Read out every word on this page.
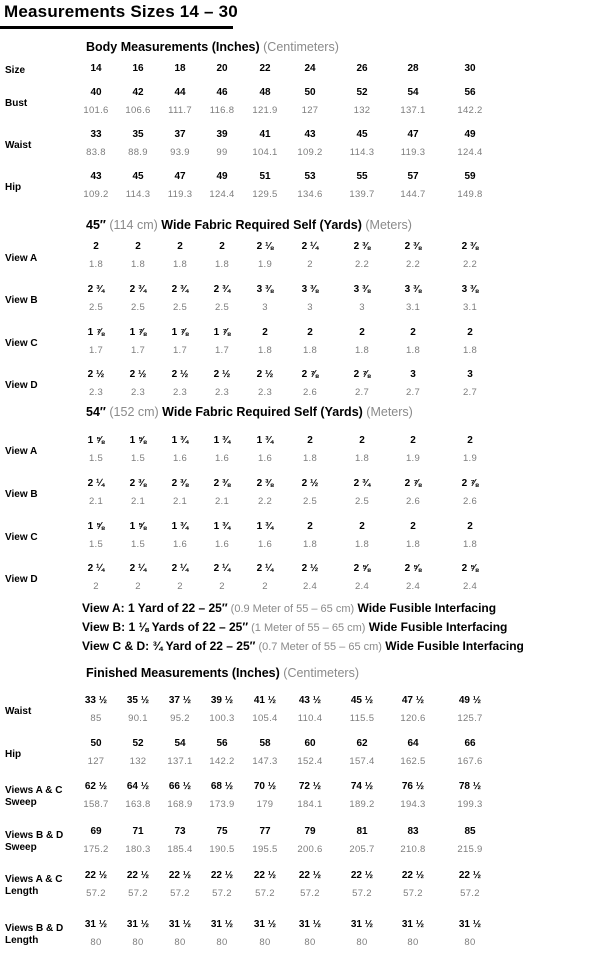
Measurements Sizes 14 – 30
Body Measurements (Inches) (Centimeters)
Size	14	16	18	20	22	24	26	28	30
Bust
40	42	44	46	48	50	52	54	56
101.6	106.6	111.7	116.8	121.9	127	132	137.1	142.2
Waist
33	35	37	39	41	43	45	47	49
83.8	88.9	93.9	99	104.1	109.2	114.3	119.3	124.4
Hip
43	45	47	49	51	53	55	57	59
109.2	114.3	119.3	124.4	129.5	134.6	139.7	144.7	149.8
45″ (114 cm) Wide Fabric Required Self (Yards) (Meters)
View A
2	2	2	2	2 ⅛	2 ¼	2 ⅜	2 ⅜	2 ⅜
1.8	1.8	1.8	1.8	1.9	2	2.2	2.2	2.2
View B
2 ¾	2 ¾	2 ¾	2 ¾	3 ⅜	3 ⅜	3 ⅜	3 ⅜	3 ⅜
2.5	2.5	2.5	2.5	3	3	3	3.1	3.1
View C
1 ⅞	1 ⅞	1 ⅞	1 ⅞	2	2	2	2	2
1.7	1.7	1.7	1.7	1.8	1.8	1.8	1.8	1.8
View D
2 ½	2 ½	2 ½	2 ½	2 ½	2 ⅞	2 ⅞	3	3
2.3	2.3	2.3	2.3	2.3	2.6	2.7	2.7	2.7
54″ (152 cm) Wide Fabric Required Self (Yards) (Meters)
View A
1 ⅝	1 ⅝	1 ¾	1 ¾	1 ¾	2	2	2	2
1.5	1.5	1.6	1.6	1.6	1.8	1.8	1.9	1.9
View B
2 ¼	2 ⅜	2 ⅜	2 ⅜	2 ⅜	2 ½	2 ¾	2 ⅞	2 ⅞
2.1	2.1	2.1	2.1	2.2	2.5	2.5	2.6	2.6
View C
1 ⅝	1 ⅝	1 ¾	1 ¾	1 ¾	2	2	2	2
1.5	1.5	1.6	1.6	1.6	1.8	1.8	1.8	1.8
View D
2 ¼	2 ¼	2 ¼	2 ¼	2 ¼	2 ½	2 ⅝	2 ⅝	2 ⅝
2	2	2	2	2	2.4	2.4	2.4	2.4
Finished Measurements (Inches) (Centimeters)
Waist
33 ½	35 ½	37 ½	39 ½	41 ½	43 ½	45 ½	47 ½	49 ½
85	90.1	95.2	100.3	105.4	110.4	115.5	120.6	125.7
Hip
50	52	54	56	58	60	62	64	66
127	132	137.1	142.2	147.3	152.4	157.4	162.5	167.6
Views A & C
Sweep
62 ½	64 ½	66 ½	68 ½	70 ½	72 ½	74 ½	76 ½	78 ½
158.7	163.8	168.9	173.9	179	184.1	189.2	194.3	199.3
Views B & D
Sweep
69	71	73	75	77	79	81	83	85
175.2	180.3	185.4	190.5	195.5	200.6	205.7	210.8	215.9
Views A & C
Length
22 ½	22 ½	22 ½	22 ½	22 ½	22 ½	22 ½	22 ½	22 ½
57.2	57.2	57.2	57.2	57.2	57.2	57.2	57.2	57.2
Views B & D
Length
31 ½	31 ½	31 ½	31 ½	31 ½	31 ½	31 ½	31 ½	31 ½
80	80	80	80	80	80	80	80	80
View A: 1 Yard of 22 – 25″ (0.9 Meter of 55 – 65 cm) Wide Fusible Interfacing
View B: 1 ⅛ Yards of 22 – 25″ (1 Meter of 55 – 65 cm) Wide Fusible Interfacing
View C & D: ¾ Yard of 22 – 25″ (0.7 Meter of 55 – 65 cm) Wide Fusible Interfacing
